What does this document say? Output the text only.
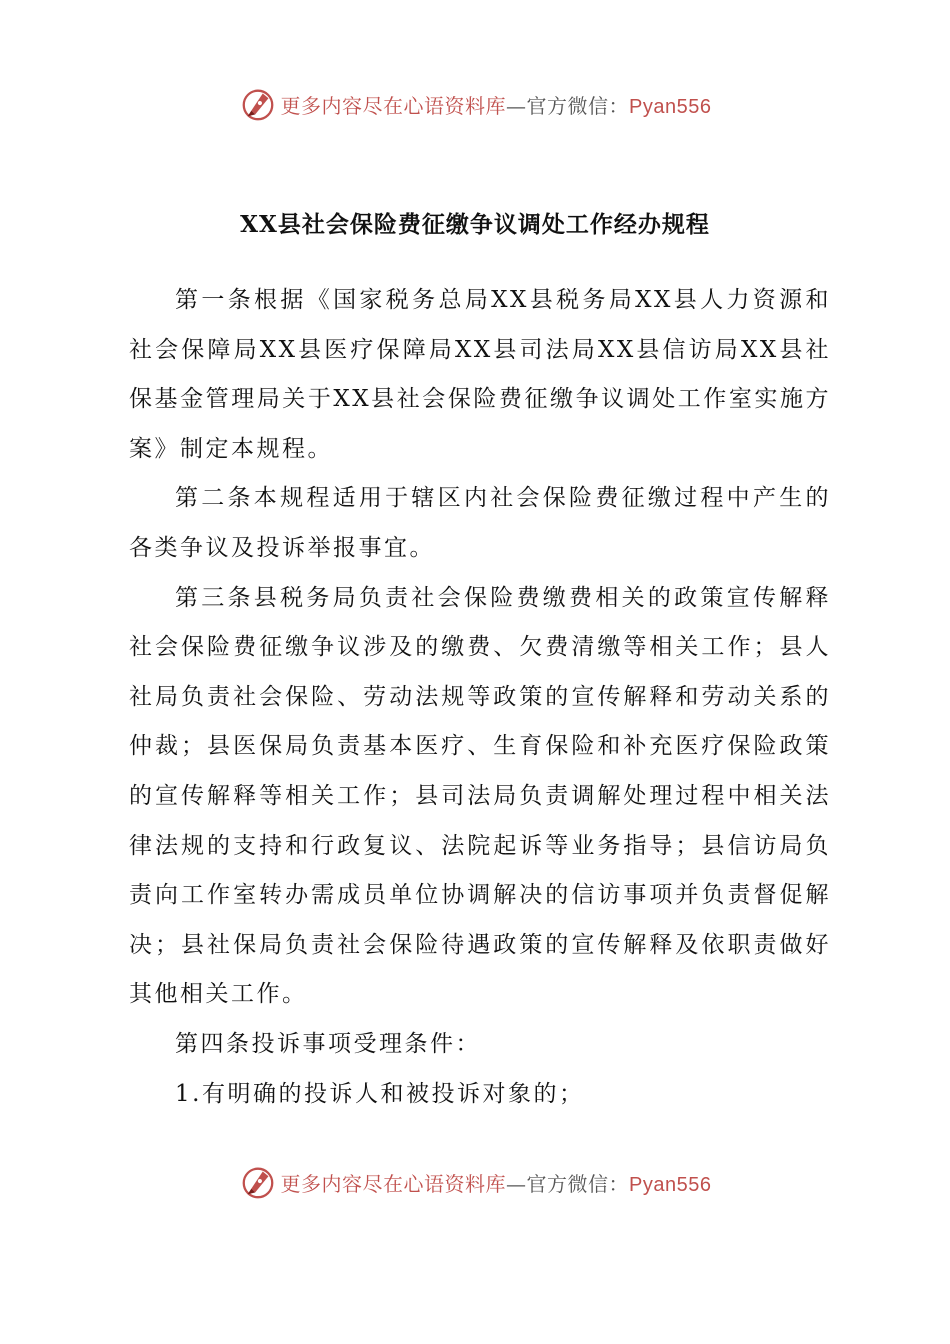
更多内容尽在心语资料库—官方微信：Pyan556
XX县社会保险费征缴争议调处工作经办规程

第一条根据《国家税务总局XX县税务局XX县人力资源和社会保障局XX县医疗保障局XX县司法局XX县信访局XX县社保基金管理局关于XX县社会保险费征缴争议调处工作室实施方案》制定本规程。

第二条本规程适用于辖区内社会保险费征缴过程中产生的各类争议及投诉举报事宜。

第三条县税务局负责社会保险费缴费相关的政策宣传解释社会保险费征缴争议涉及的缴费、欠费清缴等相关工作；县人社局负责社会保险、劳动法规等政策的宣传解释和劳动关系的仲裁；县医保局负责基本医疗、生育保险和补充医疗保险政策的宣传解释等相关工作；县司法局负责调解处理过程中相关法律法规的支持和行政复议、法院起诉等业务指导；县信访局负责向工作室转办需成员单位协调解决的信访事项并负责督促解决；县社保局负责社会保险待遇政策的宣传解释及依职责做好其他相关工作。

第四条投诉事项受理条件：

1.有明确的投诉人和被投诉对象的；

更多内容尽在心语资料库—官方微信：Pyan556
